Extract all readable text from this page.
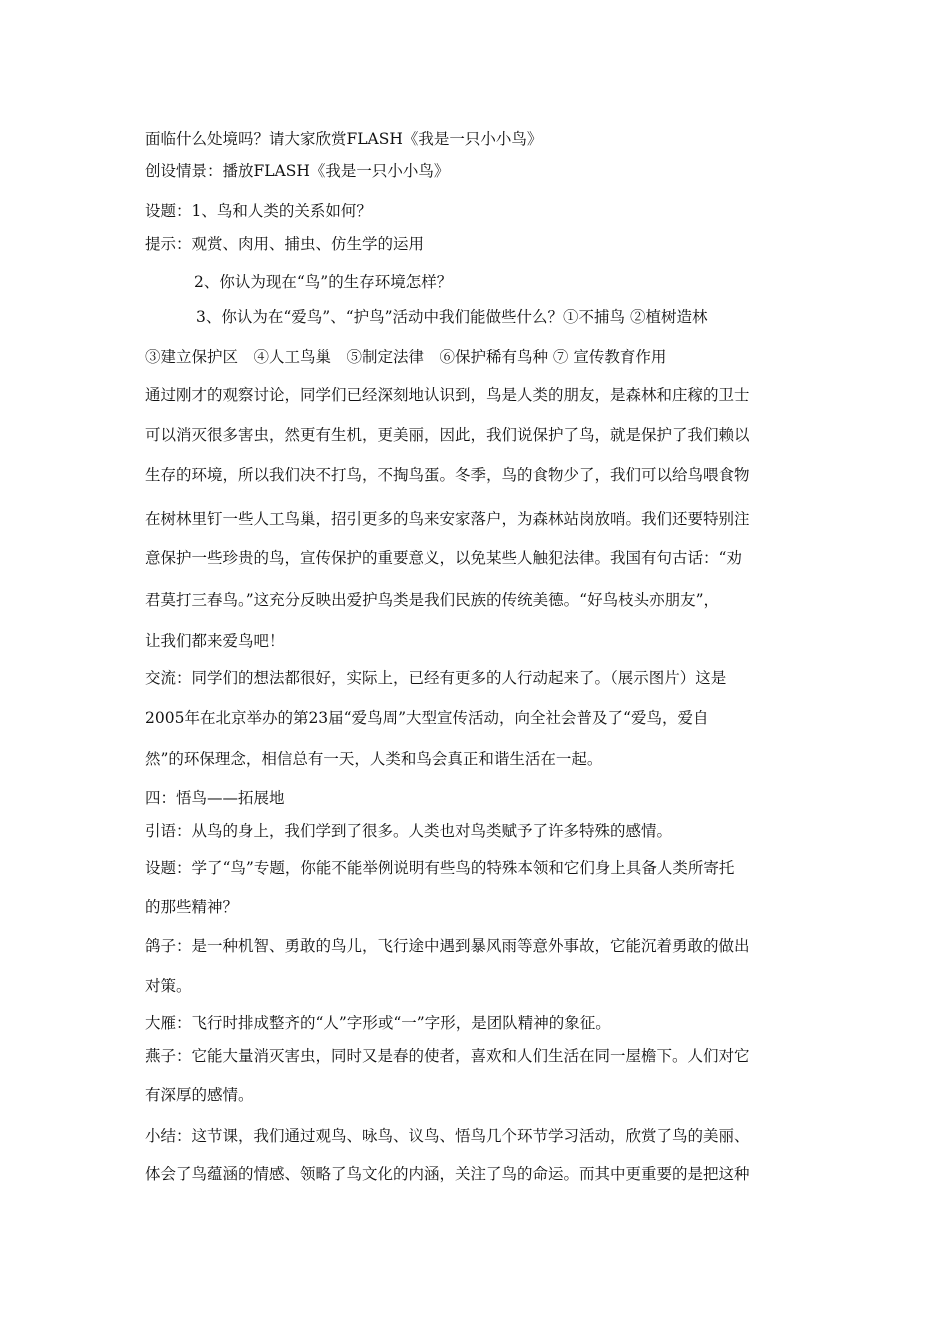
面临什么处境吗？请大家欣赏FLASH《我是一只小小鸟》
创设情景：播放FLASH《我是一只小小鸟》
设题：1、鸟和人类的关系如何？
提示：观赏、肉用、捕虫、仿生学的运用
2、你认为现在“鸟”的生存环境怎样？
3、你认为在“爱鸟”、“护鸟”活动中我们能做些什么？①不捕鸟 ②植树造林
③建立保护区　④人工鸟巢　⑤制定法律　⑥保护稀有鸟种 ⑦ 宣传教育作用
通过刚才的观察讨论，同学们已经深刻地认识到，鸟是人类的朋友，是森林和庄稼的卫士
可以消灭很多害虫，然更有生机，更美丽，因此，我们说保护了鸟，就是保护了我们赖以
生存的环境，所以我们决不打鸟，不掏鸟蛋。冬季，鸟的食物少了，我们可以给鸟喂食物
在树林里钉一些人工鸟巢，招引更多的鸟来安家落户，为森林站岗放哨。我们还要特别注
意保护一些珍贵的鸟，宣传保护的重要意义，以免某些人触犯法律。我国有句古话：“劝
君莫打三春鸟。”这充分反映出爱护鸟类是我们民族的传统美德。“好鸟枝头亦朋友”，
让我们都来爱鸟吧！
交流：同学们的想法都很好，实际上，已经有更多的人行动起来了。（展示图片）这是
2005年在北京举办的第23届“爱鸟周”大型宣传活动，向全社会普及了“爱鸟，爱自
然”的环保理念，相信总有一天，人类和鸟会真正和谐生活在一起。
四：悟鸟——拓展地
引语：从鸟的身上，我们学到了很多。人类也对鸟类赋予了许多特殊的感情。
设题：学了“鸟”专题，你能不能举例说明有些鸟的特殊本领和它们身上具备人类所寄托
的那些精神？
鸽子：是一种机智、勇敢的鸟儿，飞行途中遇到暴风雨等意外事故，它能沉着勇敢的做出
对策。
大雁：飞行时排成整齐的“人”字形或“一”字形，是团队精神的象征。
燕子：它能大量消灭害虫，同时又是春的使者，喜欢和人们生活在同一屋檐下。人们对它
有深厚的感情。
小结：这节课，我们通过观鸟、咏鸟、议鸟、悟鸟几个环节学习活动，欣赏了鸟的美丽、
体会了鸟蕴涵的情感、领略了鸟文化的内涵，关注了鸟的命运。而其中更重要的是把这种
